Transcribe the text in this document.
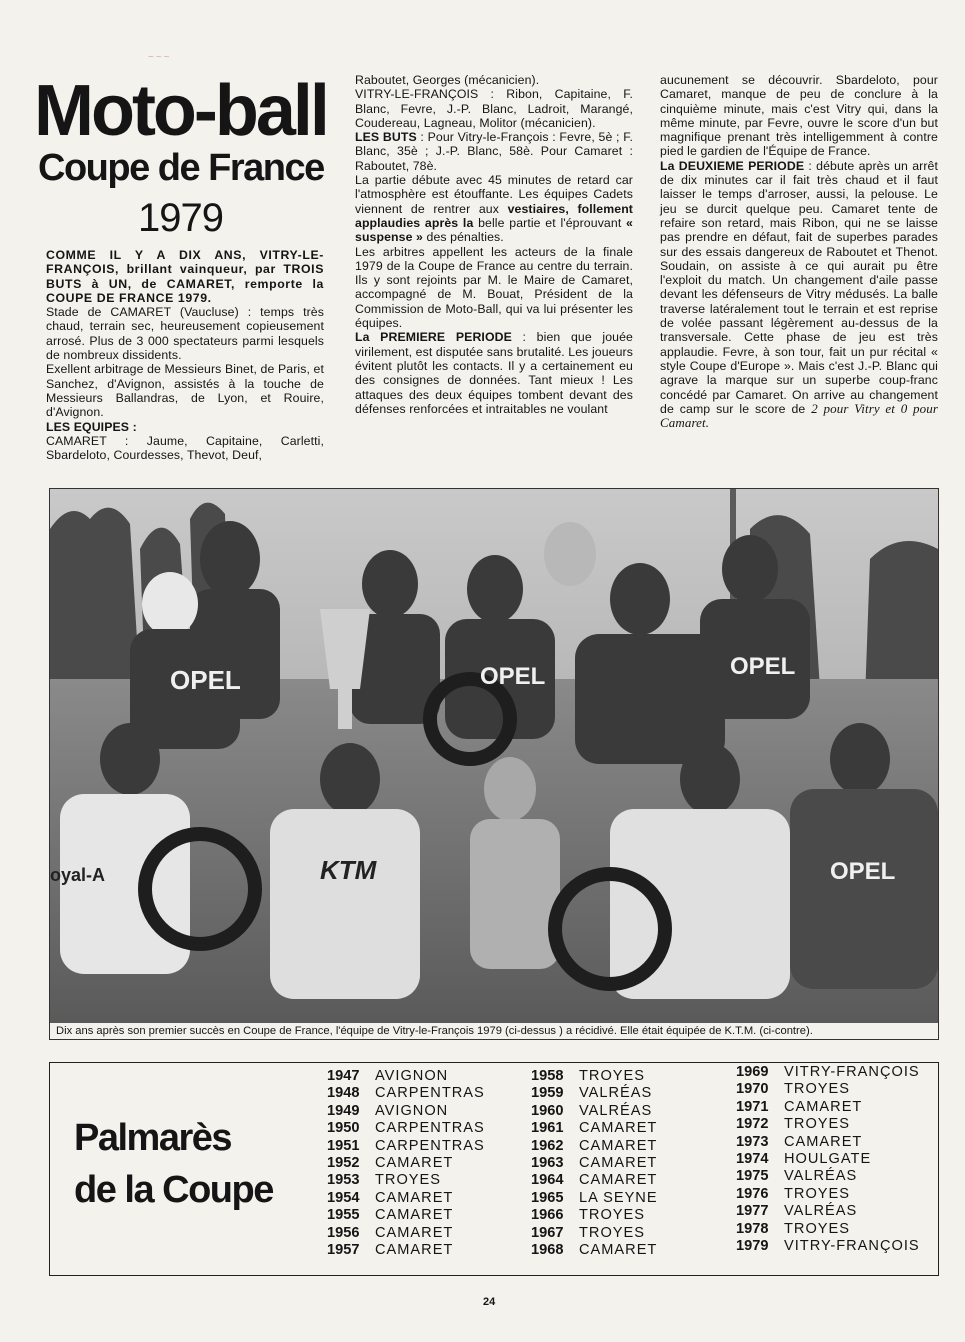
~~~
Moto-ball
Coupe de France
1979

COMME IL Y A DIX ANS, VITRY-LE-FRANÇOIS, brillant vainqueur, par TROIS BUTS à UN, de CAMARET, remporte la COUPE DE FRANCE 1979.

Stade de CAMARET (Vaucluse) : temps très chaud, terrain sec, heureusement copieusement arrosé. Plus de 3 000 spectateurs parmi lesquels de nombreux dissidents.

Exellent arbitrage de Messieurs Binet, de Paris, et Sanchez, d'Avignon, assistés à la touche de Messieurs Ballandras, de Lyon, et Rouire, d'Avignon.

LES EQUIPES :

CAMARET : Jaume, Capitaine, Carletti, Sbardeloto, Courdesses, Thevot, Deuf,

Raboutet, Georges (mécanicien).

VITRY-LE-FRANÇOIS : Ribon, Capitaine, F. Blanc, Fevre, J.-P. Blanc, Ladroit, Marangé, Coudereau, Lagneau, Molitor (mécanicien).

LES BUTS : Pour Vitry-le-François : Fevre, 5è ; F. Blanc, 35è ; J.-P. Blanc, 58è. Pour Camaret : Raboutet, 78è.

La partie débute avec 45 minutes de retard car l'atmosphère est étouffante. Les équipes Cadets viennent de rentrer aux vestiaires, follement applaudies après la belle partie et l'éprouvant « suspense » des pénalties.

Les arbitres appellent les acteurs de la finale 1979 de la Coupe de France au centre du terrain. Ils y sont rejoints par M. le Maire de Camaret, accompagné de M. Bouat, Président de la Commission de Moto-Ball, qui va lui présenter les équipes.

La PREMIERE PERIODE : bien que jouée virilement, est disputée sans brutalité. Les joueurs évitent plutôt les contacts. Il y a certainement eu des consignes de données. Tant mieux ! Les attaques des deux équipes tombent devant des défenses renforcées et intraitables ne voulant

aucunement se découvrir. Sbardeloto, pour Camaret, manque de peu de conclure à la cinquième minute, mais c'est Vitry qui, dans la même minute, par Fevre, ouvre le score d'un but magnifique prenant très intelligemment à contre pied le gardien de l'Équipe de France.

La DEUXIEME PERIODE : débute après un arrêt de dix minutes car il fait très chaud et il faut laisser le temps d'arroser, aussi, la pelouse. Le jeu se durcit quelque peu. Camaret tente de refaire son retard, mais Ribon, qui ne se laisse pas prendre en défaut, fait de superbes parades sur des essais dangereux de Raboutet et Thenot. Soudain, on assiste à ce qui aurait pu être l'exploit du match. Un changement d'aile passe devant les défenseurs de Vitry médusés. La balle traverse latéralement tout le terrain et est reprise de volée passant légèrement au-dessus de la transversale. Cette phase de jeu est très applaudie. Fevre, à son tour, fait un pur récital « style Coupe d'Europe ». Mais c'est J.-P. Blanc qui agrave la marque sur un superbe coup-franc concédé par Camaret. On arrive au changement de camp sur le score de 2 pour Vitry et 0 pour Camaret.

OPEL	OPEL	OPEL
OPEL
oyal-A	KTM
Dix ans après son premier succès en Coupe de France, l'équipe de Vitry-le-François 1979 (ci-dessus ) a récidivé. Elle était équipée de K.T.M. (ci-contre).
Palmarès
de la Coupe
1947	AVIGNON
1948	CARPENTRAS
1949	AVIGNON
1950	CARPENTRAS
1951	CARPENTRAS
1952	CAMARET
1953	TROYES
1954	CAMARET
1955	CAMARET
1956	CAMARET
1957	CAMARET
1958	TROYES
1959	VALRÉAS
1960	VALRÉAS
1961	CAMARET
1962	CAMARET
1963	CAMARET
1964	CAMARET
1965	LA SEYNE
1966	TROYES
1967	TROYES
1968	CAMARET
1969	VITRY-FRANÇOIS
1970	TROYES
1971	CAMARET
1972	TROYES
1973	CAMARET
1974	HOULGATE
1975	VALRÉAS
1976	TROYES
1977	VALRÉAS
1978	TROYES
1979	VITRY-FRANÇOIS
24
